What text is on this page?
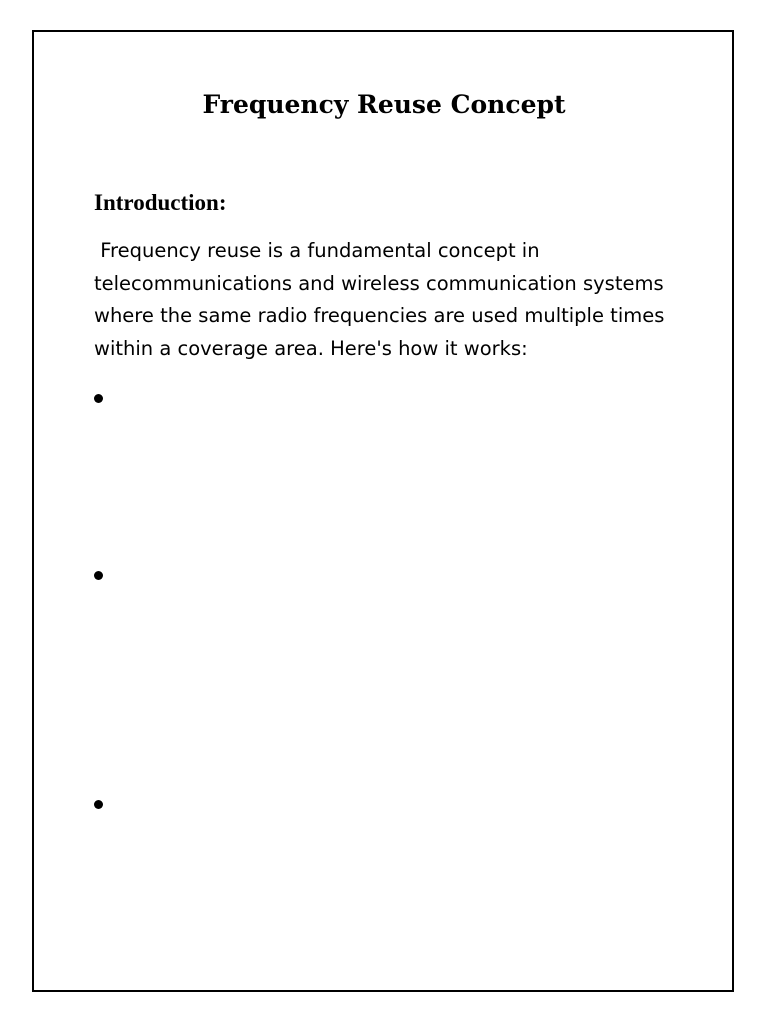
Frequency Reuse Concept
Introduction:

Frequency reuse is a fundamental concept in telecommunications and wireless communication systems where the same radio frequencies are used multiple times within a coverage area. Here's how it works:
